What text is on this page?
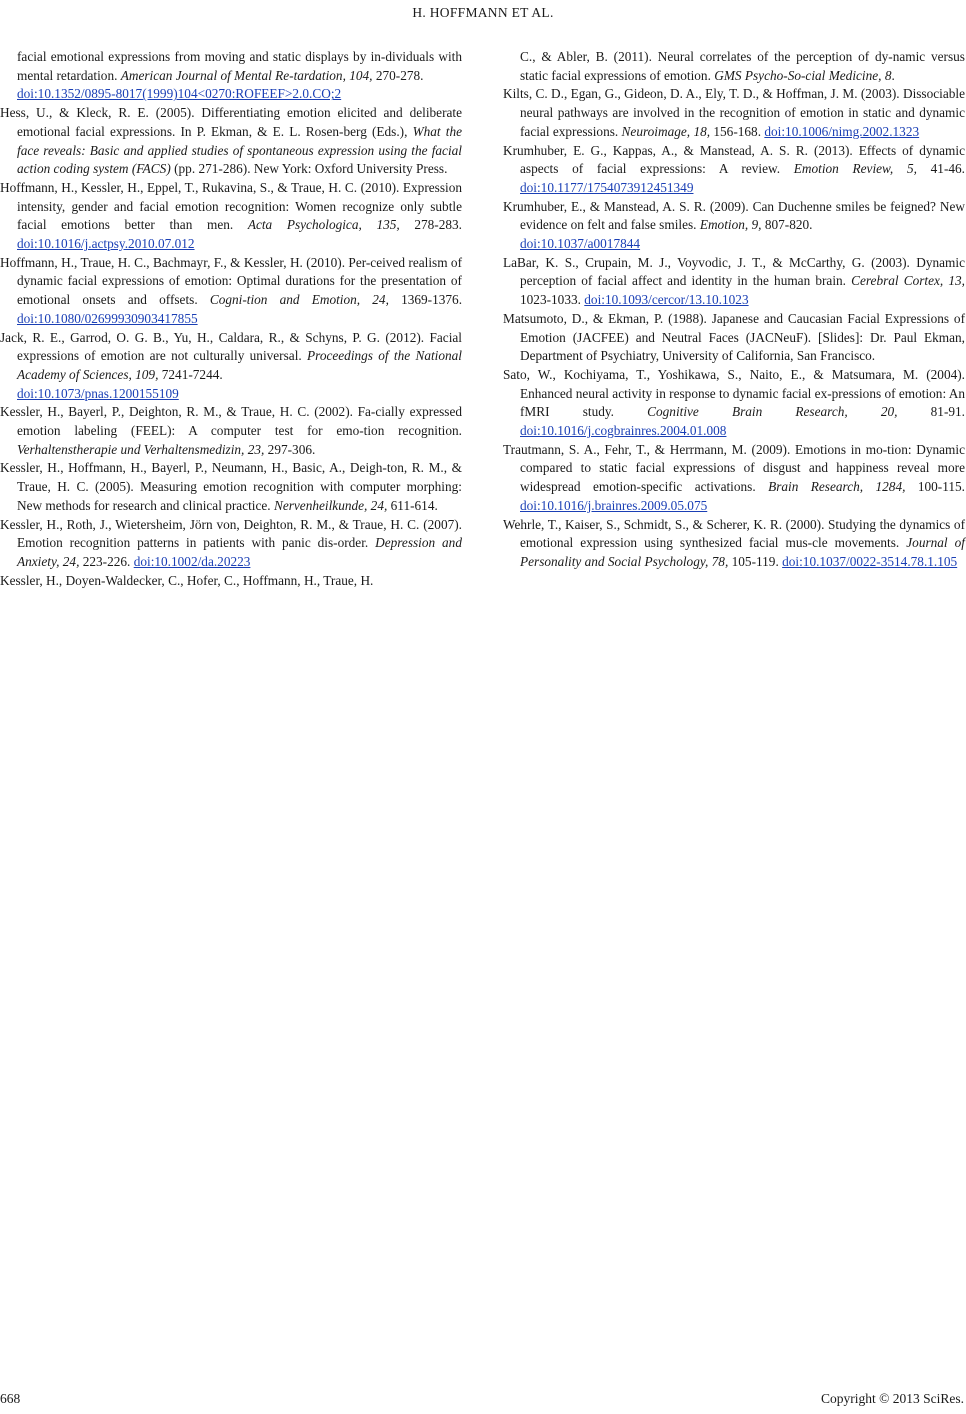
H. HOFFMANN ET AL.
facial emotional expressions from moving and static displays by in-dividuals with mental retardation. American Journal of Mental Re-tardation, 104, 270-278.
doi:10.1352/0895-8017(1999)104<0270:ROFEEF>2.0.CO;2
Hess, U., & Kleck, R. E. (2005). Differentiating emotion elicited and deliberate emotional facial expressions. In P. Ekman, & E. L. Rosen-berg (Eds.), What the face reveals: Basic and applied studies of spontaneous expression using the facial action coding system (FACS) (pp. 271-286). New York: Oxford University Press.
Hoffmann, H., Kessler, H., Eppel, T., Rukavina, S., & Traue, H. C. (2010). Expression intensity, gender and facial emotion recognition: Women recognize only subtle facial emotions better than men. Acta Psychologica, 135, 278-283. doi:10.1016/j.actpsy.2010.07.012
Hoffmann, H., Traue, H. C., Bachmayr, F., & Kessler, H. (2010). Per-ceived realism of dynamic facial expressions of emotion: Optimal durations for the presentation of emotional onsets and offsets. Cogni-tion and Emotion, 24, 1369-1376. doi:10.1080/02699930903417855
Jack, R. E., Garrod, O. G. B., Yu, H., Caldara, R., & Schyns, P. G. (2012). Facial expressions of emotion are not culturally universal. Proceedings of the National Academy of Sciences, 109, 7241-7244.
doi:10.1073/pnas.1200155109
Kessler, H., Bayerl, P., Deighton, R. M., & Traue, H. C. (2002). Fa-cially expressed emotion labeling (FEEL): A computer test for emo-tion recognition. Verhaltenstherapie und Verhaltensmedizin, 23, 297-306.
Kessler, H., Hoffmann, H., Bayerl, P., Neumann, H., Basic, A., Deigh-ton, R. M., & Traue, H. C. (2005). Measuring emotion recognition with computer morphing: New methods for research and clinical practice. Nervenheilkunde, 24, 611-614.
Kessler, H., Roth, J., Wietersheim, Jörn von, Deighton, R. M., & Traue, H. C. (2007). Emotion recognition patterns in patients with panic dis-order. Depression and Anxiety, 24, 223-226. doi:10.1002/da.20223
Kessler, H., Doyen-Waldecker, C., Hofer, C., Hoffmann, H., Traue, H.
C., & Abler, B. (2011). Neural correlates of the perception of dy-namic versus static facial expressions of emotion. GMS Psycho-So-cial Medicine, 8.
Kilts, C. D., Egan, G., Gideon, D. A., Ely, T. D., & Hoffman, J. M. (2003). Dissociable neural pathways are involved in the recognition of emotion in static and dynamic facial expressions. Neuroimage, 18, 156-168. doi:10.1006/nimg.2002.1323
Krumhuber, E. G., Kappas, A., & Manstead, A. S. R. (2013). Effects of dynamic aspects of facial expressions: A review. Emotion Review, 5, 41-46. doi:10.1177/1754073912451349
Krumhuber, E., & Manstead, A. S. R. (2009). Can Duchenne smiles be feigned? New evidence on felt and false smiles. Emotion, 9, 807-820.
doi:10.1037/a0017844
LaBar, K. S., Crupain, M. J., Voyvodic, J. T., & McCarthy, G. (2003). Dynamic perception of facial affect and identity in the human brain. Cerebral Cortex, 13, 1023-1033. doi:10.1093/cercor/13.10.1023
Matsumoto, D., & Ekman, P. (1988). Japanese and Caucasian Facial Expressions of Emotion (JACFEE) and Neutral Faces (JACNeuF). [Slides]: Dr. Paul Ekman, Department of Psychiatry, University of California, San Francisco.
Sato, W., Kochiyama, T., Yoshikawa, S., Naito, E., & Matsumara, M. (2004). Enhanced neural activity in response to dynamic facial ex-pressions of emotion: An fMRI study. Cognitive Brain Research, 20, 81-91. doi:10.1016/j.cogbrainres.2004.01.008
Trautmann, S. A., Fehr, T., & Herrmann, M. (2009). Emotions in mo-tion: Dynamic compared to static facial expressions of disgust and happiness reveal more widespread emotion-specific activations. Brain Research, 1284, 100-115. doi:10.1016/j.brainres.2009.05.075
Wehrle, T., Kaiser, S., Schmidt, S., & Scherer, K. R. (2000). Studying the dynamics of emotional expression using synthesized facial mus-cle movements. Journal of Personality and Social Psychology, 78, 105-119. doi:10.1037/0022-3514.78.1.105
668	Copyright © 2013 SciRes.
